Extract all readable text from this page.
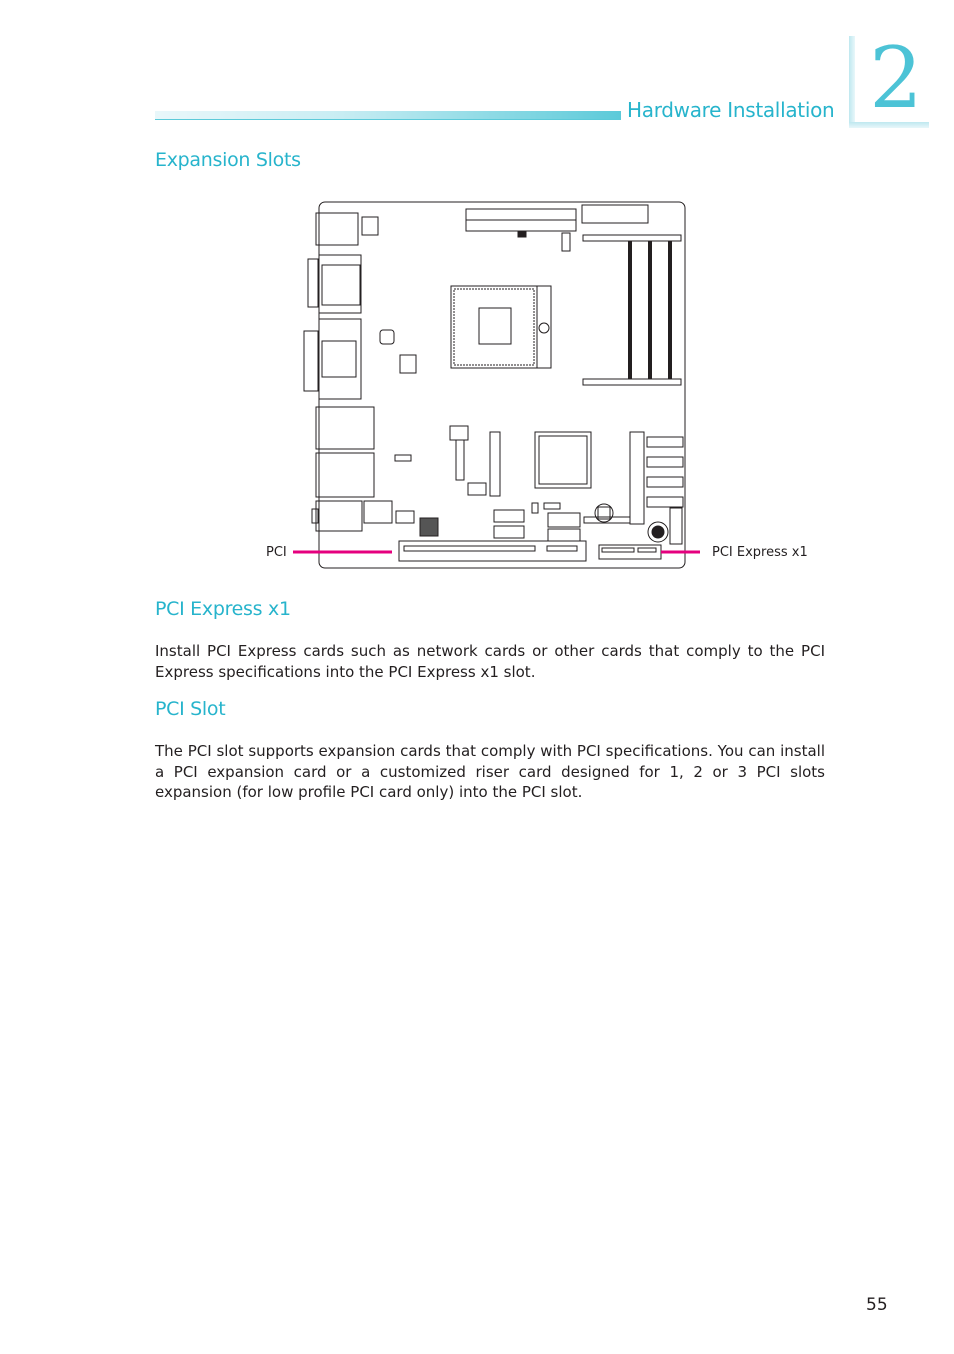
2
Hardware Installation
Expansion Slots
PCI	PCI Express x1
PCI Express x1

Install PCI Express cards such as network cards or other cards that comply to the PCI Express specifications into the PCI Express x1 slot.

PCI Slot

The PCI slot supports expansion cards that comply with PCI specifications. You can install a PCI expansion card or a customized riser card designed for 1, 2 or 3 PCI slots expansion (for low profile PCI card only) into the PCI slot.

55
